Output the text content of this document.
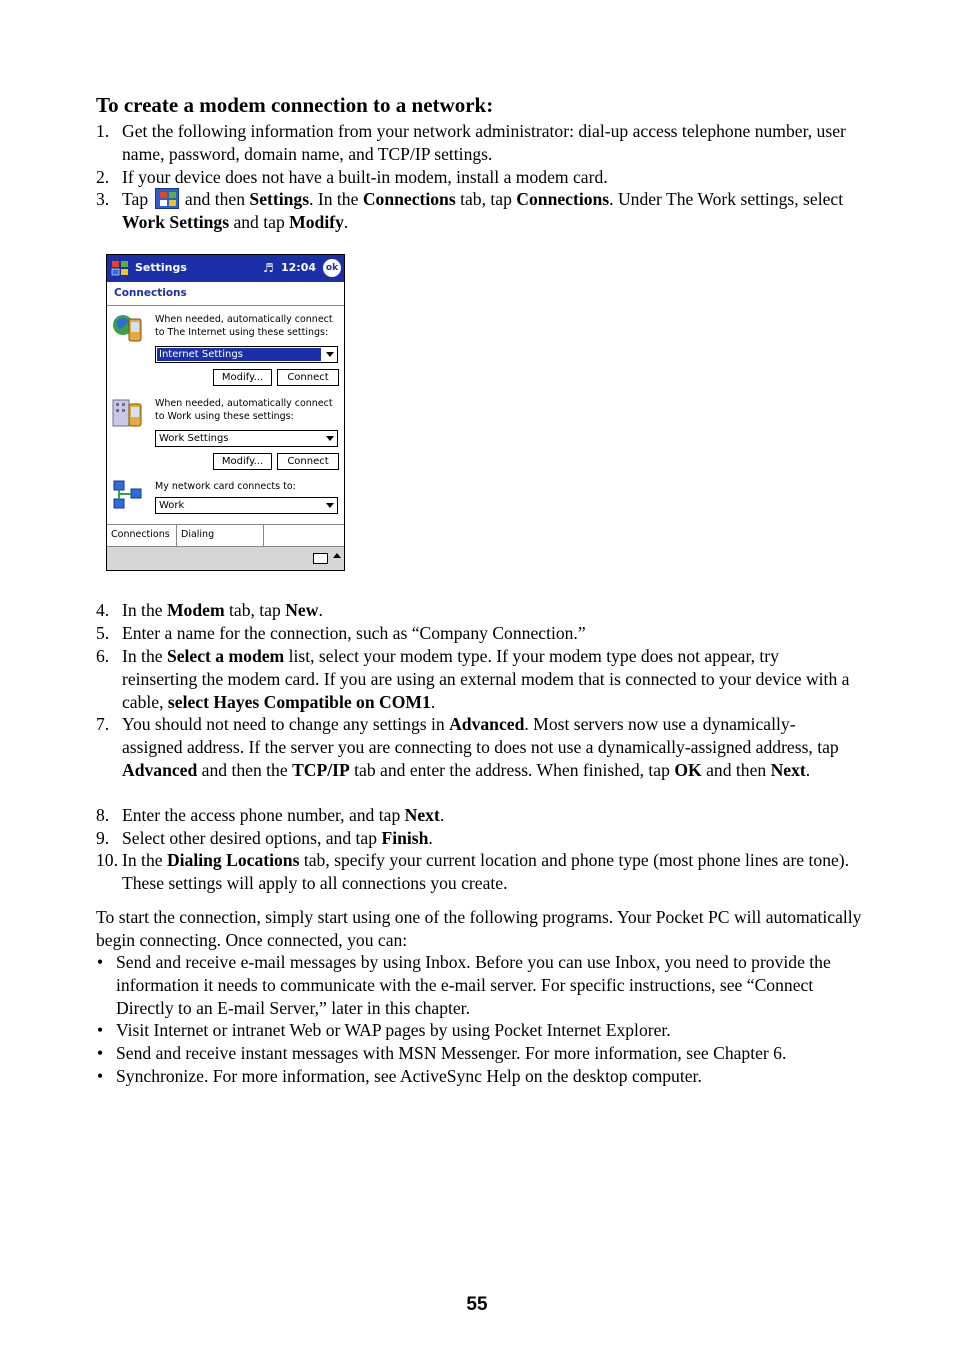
To create a modem connection to a network:
1. Get the following information from your network administrator: dial-up access telephone number, user name, password, domain name, and TCP/IP settings.
2. If your device does not have a built-in modem, install a modem card.
3. Tap
and then Settings. In the Connections tab, tap Connections. Under The Work settings, select Work Settings and tap Modify.
Settings	♬ 12:04	ok
Connections
When needed, automatically connect to The Internet using these settings:
Internet Settings
Modify...	Connect
When needed, automatically connect to Work using these settings:
Work Settings
Modify...	Connect
My network card connects to:
Work
Connections	Dialing
4. In the Modem tab, tap New.
5. Enter a name for the connection, such as “Company Connection.”
6. In the Select a modem list, select your modem type. If your modem type does not appear, try reinserting the modem card. If you are using an external modem that is connected to your device with a cable, select Hayes Compatible on COM1.
7. You should not need to change any settings in Advanced. Most servers now use a dynamically-assigned address. If the server you are connecting to does not use a dynamically-assigned address, tap Advanced and then the TCP/IP tab and enter the address. When finished, tap OK and then Next.
8. Enter the access phone number, and tap Next.
9. Select other desired options, and tap Finish.
10. In the Dialing Locations tab, specify your current location and phone type (most phone lines are tone). These settings will apply to all connections you create.
To start the connection, simply start using one of the following programs. Your Pocket PC will automatically begin connecting. Once connected, you can:
• Send and receive e-mail messages by using Inbox. Before you can use Inbox, you need to provide the information it needs to communicate with the e-mail server. For specific instructions, see “Connect Directly to an E-mail Server,” later in this chapter.
• Visit Internet or intranet Web or WAP pages by using Pocket Internet Explorer.
• Send and receive instant messages with MSN Messenger. For more information, see Chapter 6.
• Synchronize. For more information, see ActiveSync Help on the desktop computer.
55
